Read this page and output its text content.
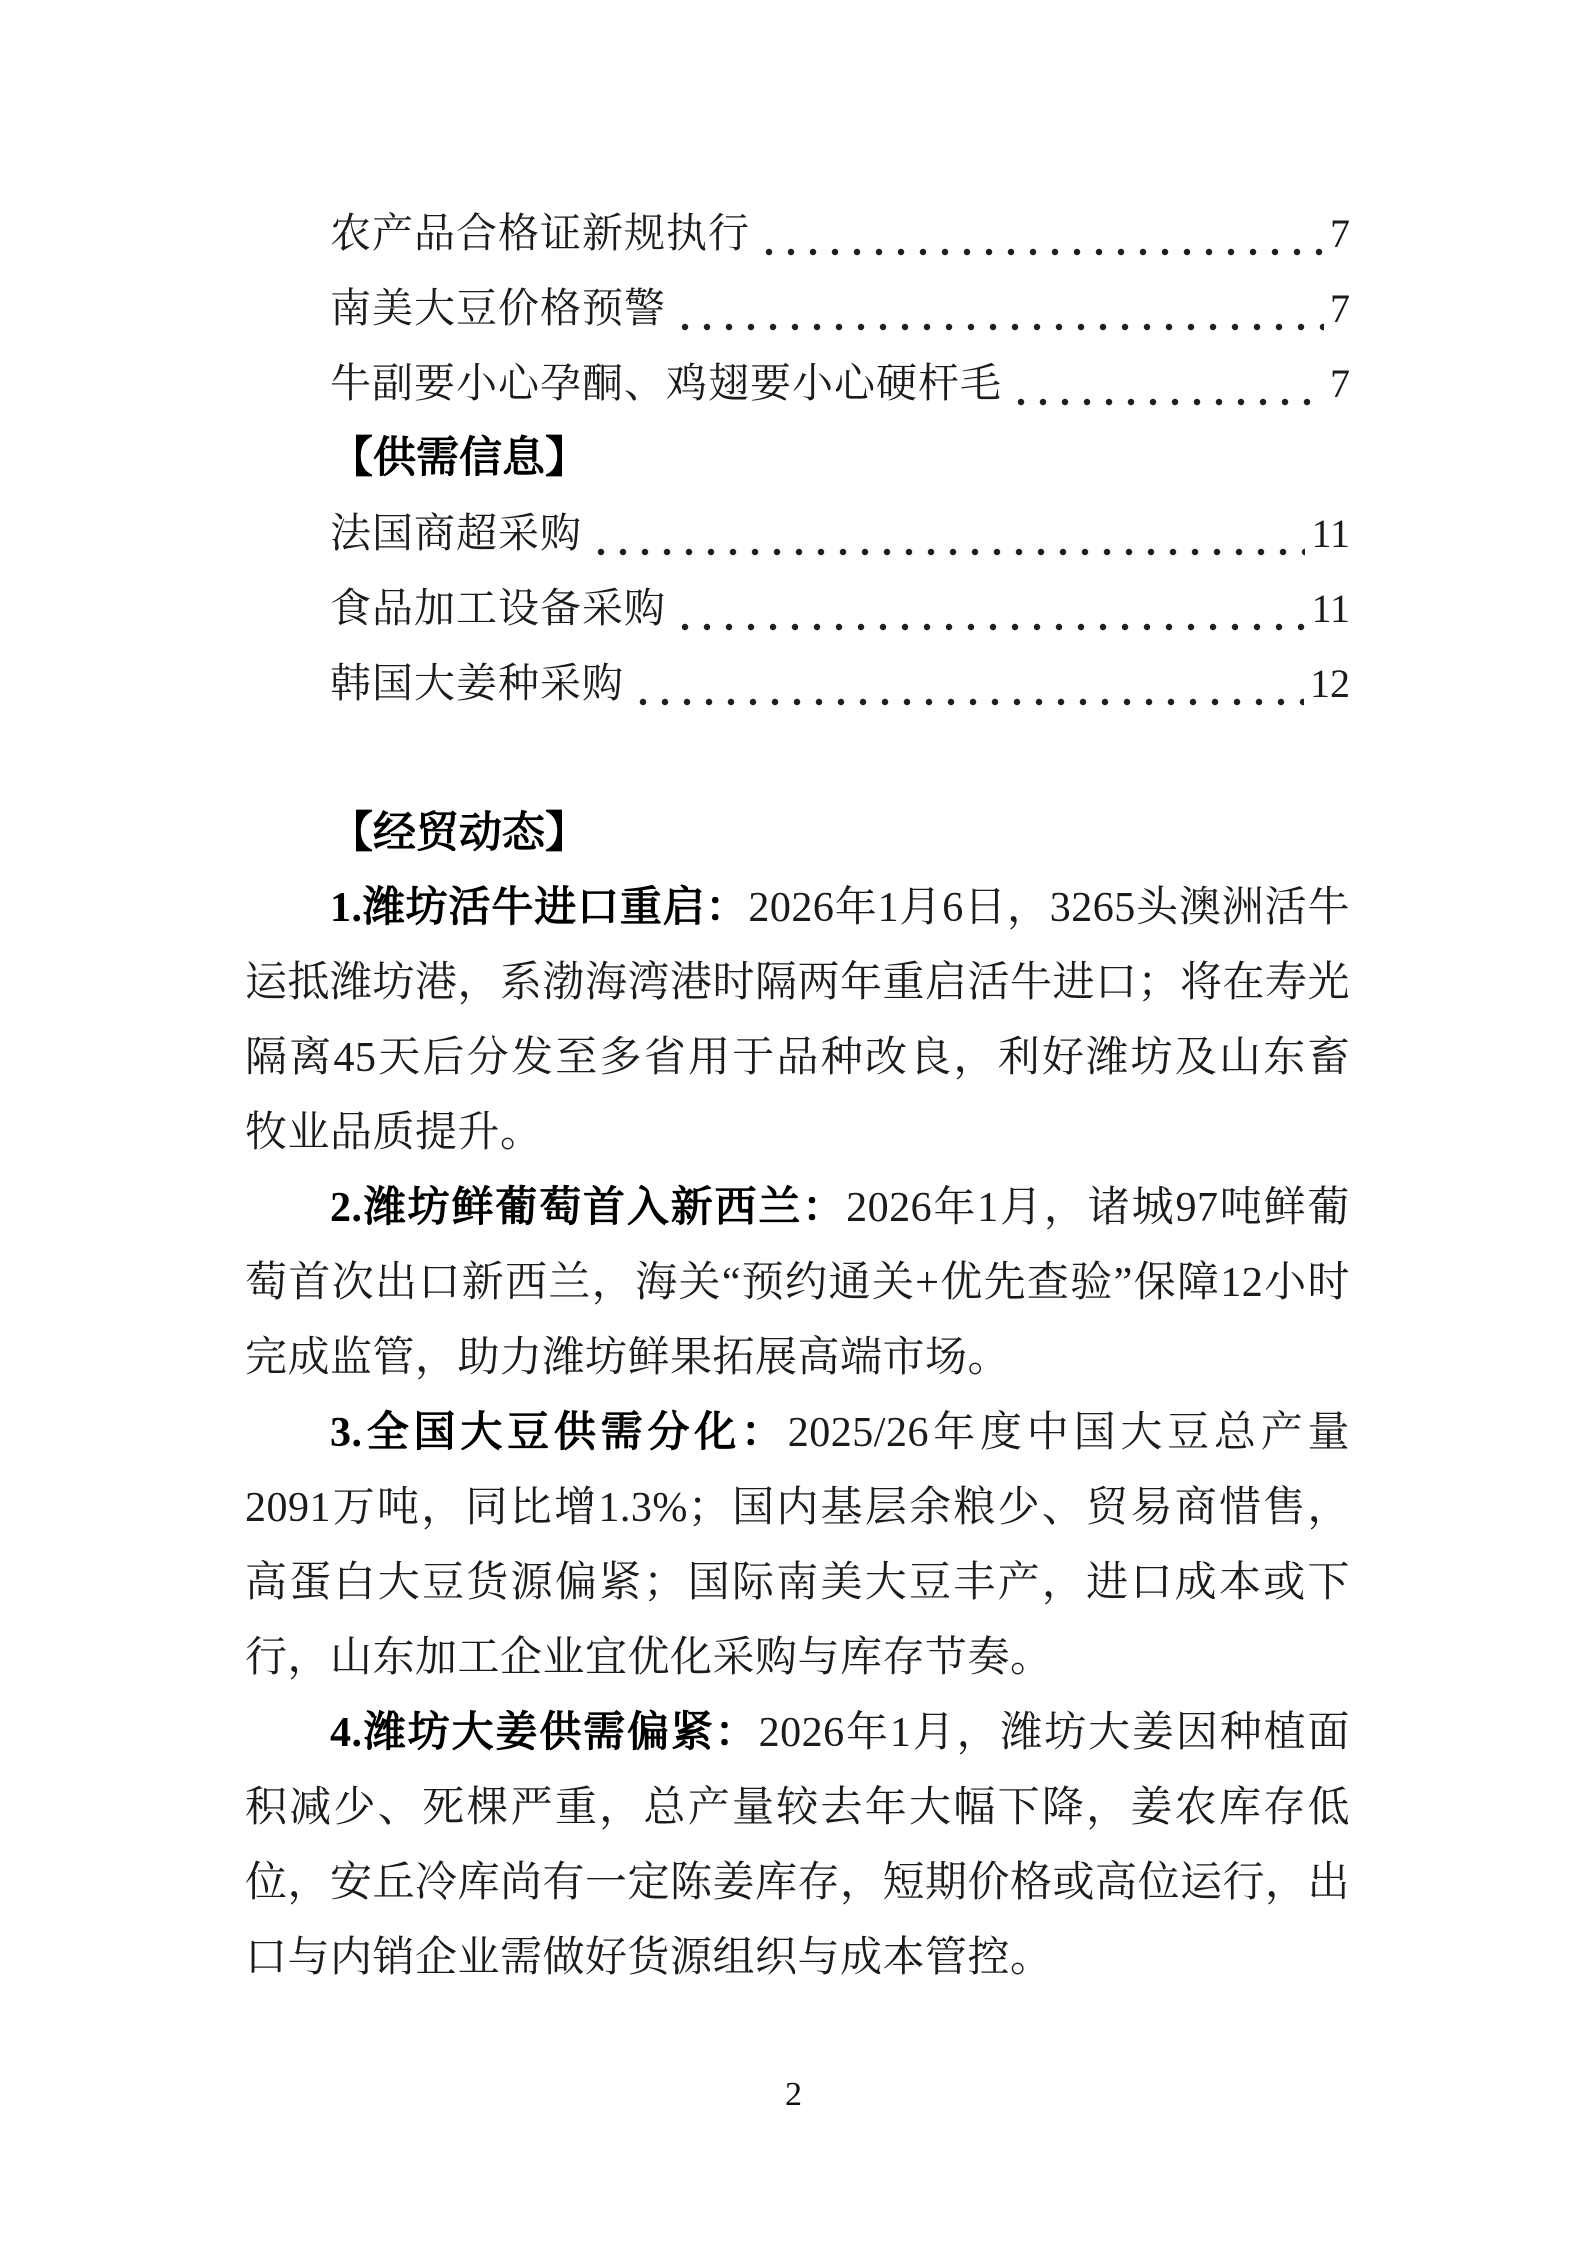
农产品合格证新规执行	7
南美大豆价格预警	7
牛副要小心孕酮、鸡翅要小心硬杆毛	7
【供需信息】
法国商超采购	11
食品加工设备采购	11
韩国大姜种采购	12
【经贸动态】

1.潍坊活牛进口重启：2026年1月6日，3265头澳洲活牛运抵潍坊港，系渤海湾港时隔两年重启活牛进口；将在寿光隔离45天后分发至多省用于品种改良，利好潍坊及山东畜牧业品质提升。

2.潍坊鲜葡萄首入新西兰：2026年1月，诸城97吨鲜葡萄首次出口新西兰，海关“预约通关+优先查验”保障12小时完成监管，助力潍坊鲜果拓展高端市场。

3.全国大豆供需分化：2025/26年度中国大豆总产量2091万吨，同比增1.3%；国内基层余粮少、贸易商惜售，高蛋白大豆货源偏紧；国际南美大豆丰产，进口成本或下行，山东加工企业宜优化采购与库存节奏。

4.潍坊大姜供需偏紧：2026年1月，潍坊大姜因种植面积减少、死棵严重，总产量较去年大幅下降，姜农库存低位，安丘冷库尚有一定陈姜库存，短期价格或高位运行，出口与内销企业需做好货源组织与成本管控。

2
